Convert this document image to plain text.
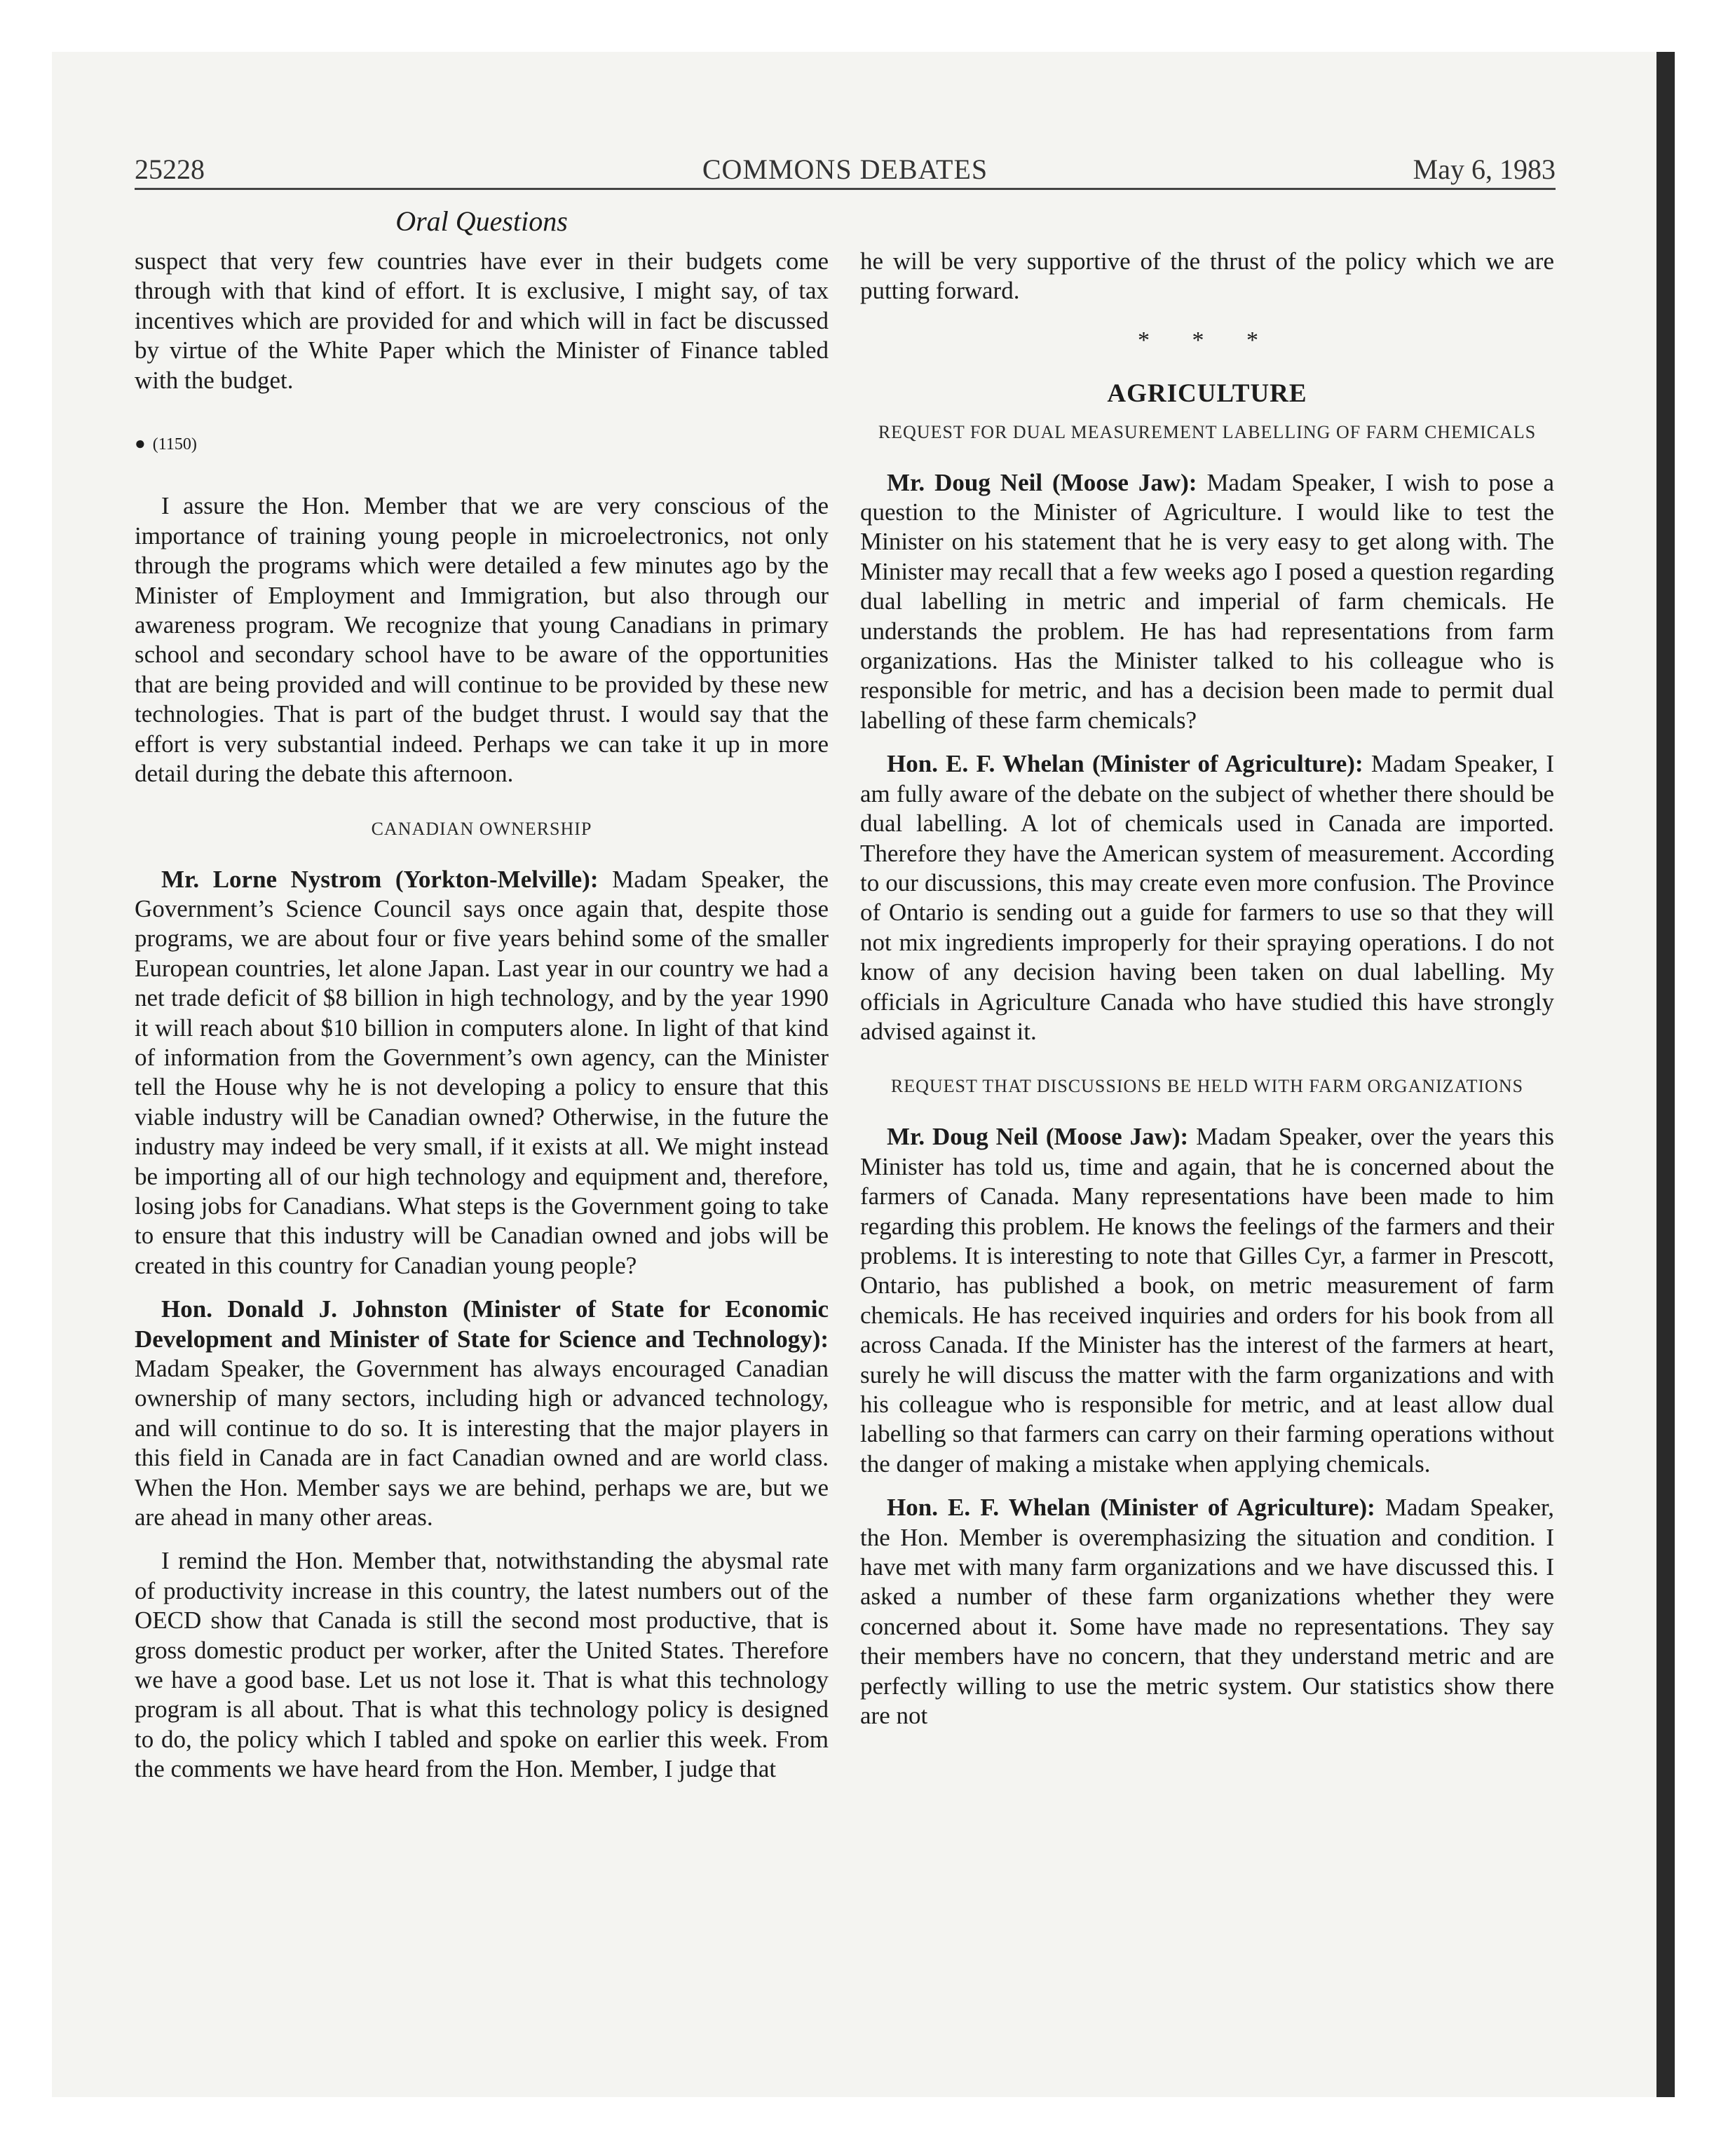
25228	COMMONS DEBATES	May 6, 1983
Oral Questions

suspect that very few countries have ever in their budgets come through with that kind of effort. It is exclusive, I might say, of tax incentives which are provided for and which will in fact be discussed by virtue of the White Paper which the Minister of Finance tabled with the budget.

● (1150)

I assure the Hon. Member that we are very conscious of the importance of training young people in microelectronics, not only through the programs which were detailed a few minutes ago by the Minister of Employment and Immigration, but also through our awareness program. We recognize that young Canadians in primary school and secondary school have to be aware of the opportunities that are being provided and will continue to be provided by these new technologies. That is part of the budget thrust. I would say that the effort is very substantial indeed. Perhaps we can take it up in more detail during the debate this afternoon.

CANADIAN OWNERSHIP

Mr. Lorne Nystrom (Yorkton-Melville): Madam Speaker, the Government’s Science Council says once again that, despite those programs, we are about four or five years behind some of the smaller European countries, let alone Japan. Last year in our country we had a net trade deficit of $8 billion in high technology, and by the year 1990 it will reach about $10 billion in computers alone. In light of that kind of information from the Government’s own agency, can the Minister tell the House why he is not developing a policy to ensure that this viable industry will be Canadian owned? Otherwise, in the future the industry may indeed be very small, if it exists at all. We might instead be importing all of our high technology and equipment and, therefore, losing jobs for Canadians. What steps is the Government going to take to ensure that this industry will be Canadian owned and jobs will be created in this country for Canadian young people?

Hon. Donald J. Johnston (Minister of State for Economic Development and Minister of State for Science and Technology): Madam Speaker, the Government has always encouraged Canadian ownership of many sectors, including high or advanced technology, and will continue to do so. It is interesting that the major players in this field in Canada are in fact Canadian owned and are world class. When the Hon. Member says we are behind, perhaps we are, but we are ahead in many other areas.

I remind the Hon. Member that, notwithstanding the abysmal rate of productivity increase in this country, the latest numbers out of the OECD show that Canada is still the second most productive, that is gross domestic product per worker, after the United States. Therefore we have a good base. Let us not lose it. That is what this technology program is all about. That is what this technology policy is designed to do, the policy which I tabled and spoke on earlier this week. From the comments we have heard from the Hon. Member, I judge that

he will be very supportive of the thrust of the policy which we are putting forward.

* * *
AGRICULTURE
REQUEST FOR DUAL MEASUREMENT LABELLING OF FARM CHEMICALS

Mr. Doug Neil (Moose Jaw): Madam Speaker, I wish to pose a question to the Minister of Agriculture. I would like to test the Minister on his statement that he is very easy to get along with. The Minister may recall that a few weeks ago I posed a question regarding dual labelling in metric and imperial of farm chemicals. He understands the problem. He has had representations from farm organizations. Has the Minister talked to his colleague who is responsible for metric, and has a decision been made to permit dual labelling of these farm chemicals?

Hon. E. F. Whelan (Minister of Agriculture): Madam Speaker, I am fully aware of the debate on the subject of whether there should be dual labelling. A lot of chemicals used in Canada are imported. Therefore they have the American system of measurement. According to our discussions, this may create even more confusion. The Province of Ontario is sending out a guide for farmers to use so that they will not mix ingredients improperly for their spraying operations. I do not know of any decision having been taken on dual labelling. My officials in Agriculture Canada who have studied this have strongly advised against it.

REQUEST THAT DISCUSSIONS BE HELD WITH FARM ORGANIZATIONS

Mr. Doug Neil (Moose Jaw): Madam Speaker, over the years this Minister has told us, time and again, that he is concerned about the farmers of Canada. Many representations have been made to him regarding this problem. He knows the feelings of the farmers and their problems. It is interesting to note that Gilles Cyr, a farmer in Prescott, Ontario, has published a book, on metric measurement of farm chemicals. He has received inquiries and orders for his book from all across Canada. If the Minister has the interest of the farmers at heart, surely he will discuss the matter with the farm organizations and with his colleague who is responsible for metric, and at least allow dual labelling so that farmers can carry on their farming operations without the danger of making a mistake when applying chemicals.

Hon. E. F. Whelan (Minister of Agriculture): Madam Speaker, the Hon. Member is overemphasizing the situation and condition. I have met with many farm organizations and we have discussed this. I asked a number of these farm organizations whether they were concerned about it. Some have made no representations. They say their members have no concern, that they understand metric and are perfectly willing to use the metric system. Our statistics show there are not
